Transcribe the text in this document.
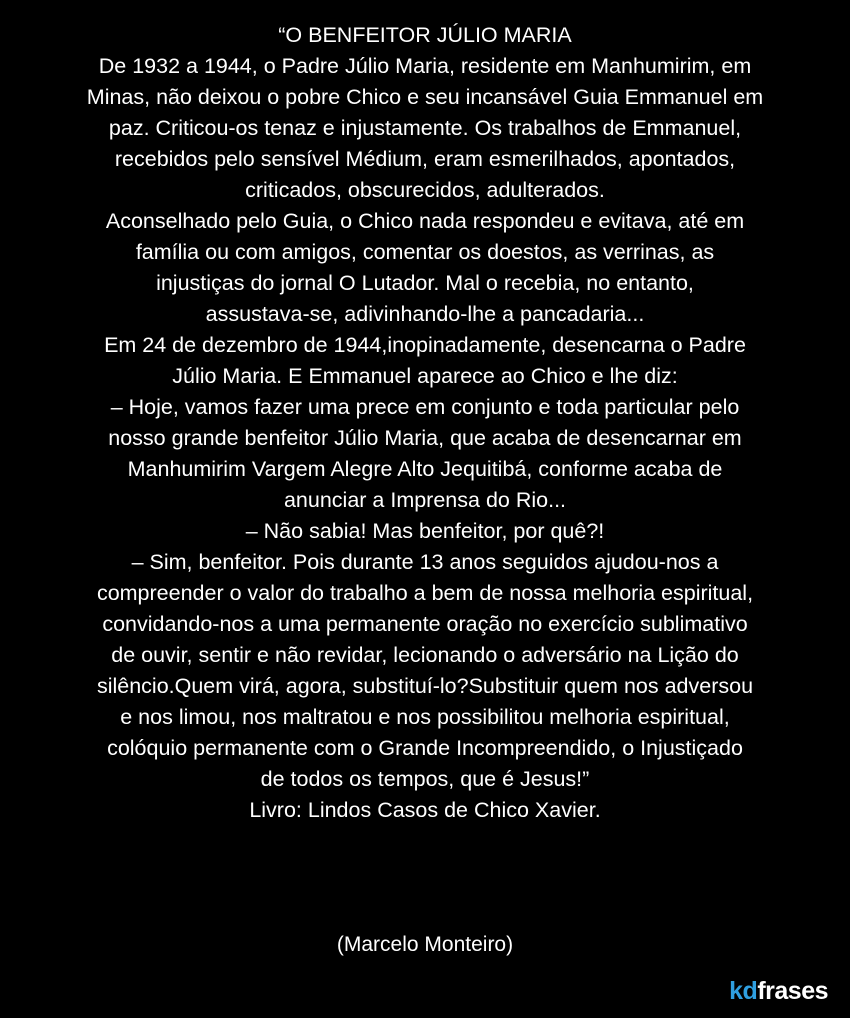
“O BENFEITOR JÚLIO MARIA
De 1932 a 1944, o Padre Júlio Maria, residente em Manhumirim, em
Minas, não deixou o pobre Chico e seu incansável Guia Emmanuel em
paz. Criticou-os tenaz e injustamente. Os trabalhos de Emmanuel,
recebidos pelo sensível Médium, eram esmerilhados, apontados,
criticados, obscurecidos, adulterados.
Aconselhado pelo Guia, o Chico nada respondeu e evitava, até em
família ou com amigos, comentar os doestos, as verrinas, as
injustiças do jornal O Lutador. Mal o recebia, no entanto,
assustava-se, adivinhando-lhe a pancadaria...
Em 24 de dezembro de 1944,inopinadamente, desencarna o Padre
Júlio Maria. E Emmanuel aparece ao Chico e lhe diz:
– Hoje, vamos fazer uma prece em conjunto e toda particular pelo
nosso grande benfeitor Júlio Maria, que acaba de desencarnar em
Manhumirim Vargem Alegre Alto Jequitibá, conforme acaba de
anunciar a Imprensa do Rio...
– Não sabia! Mas benfeitor, por quê?!
– Sim, benfeitor. Pois durante 13 anos seguidos ajudou-nos a
compreender o valor do trabalho a bem de nossa melhoria espiritual,
convidando-nos a uma permanente oração no exercício sublimativo
de ouvir, sentir e não revidar, lecionando o adversário na Lição do
silêncio.Quem virá, agora, substituí-lo?Substituir quem nos adversou
e nos limou, nos maltratou e nos possibilitou melhoria espiritual,
colóquio permanente com o Grande Incompreendido, o Injustiçado
de todos os tempos, que é Jesus!”
Livro: Lindos Casos de Chico Xavier.
(Marcelo Monteiro)
kd frases
